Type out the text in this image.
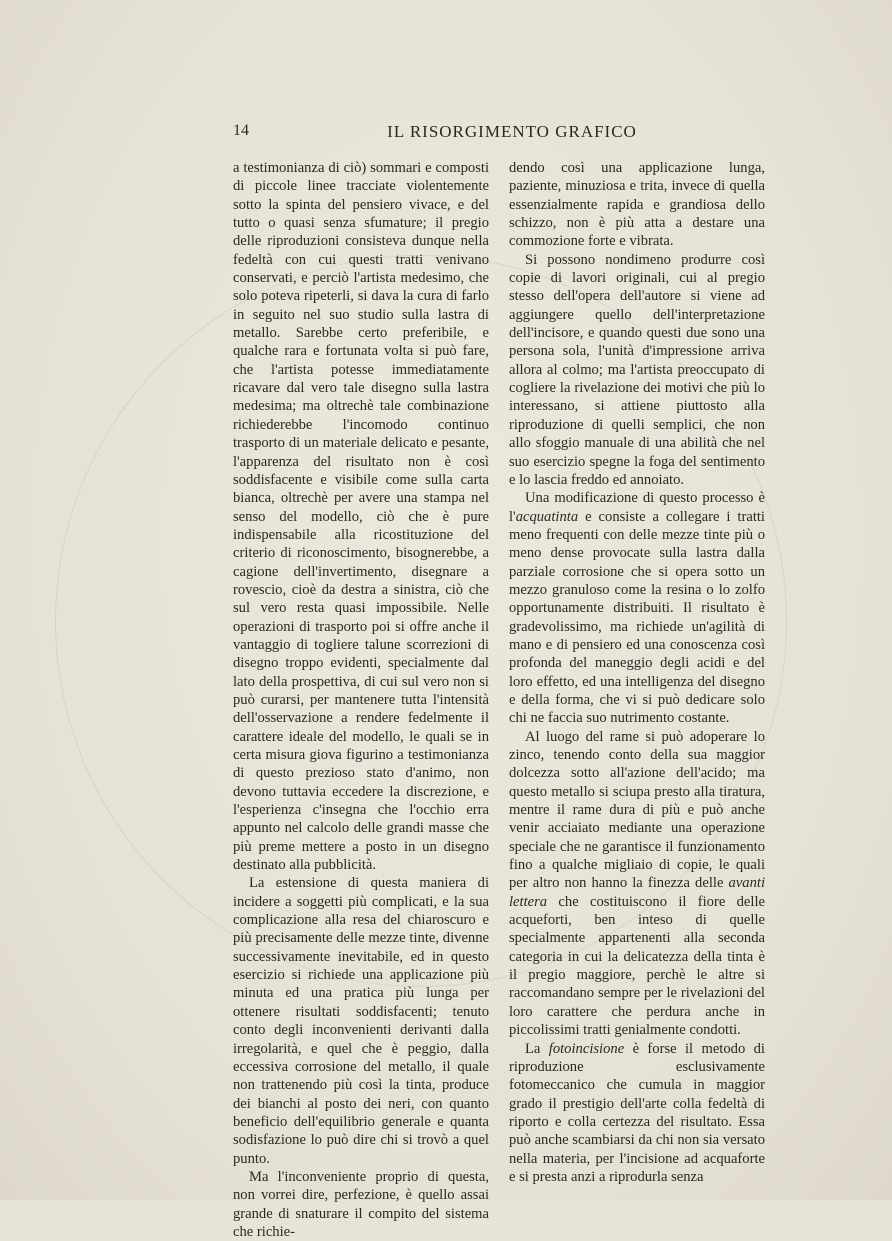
14	IL RISORGIMENTO GRAFICO

a testimonianza di ciò) sommari e composti di piccole linee tracciate violentemente sotto la spinta del pensiero vivace, e del tutto o quasi senza sfumature; il pregio delle riproduzioni consisteva dunque nella fedeltà con cui questi tratti venivano conservati, e perciò l'artista medesimo, che solo poteva ripeterli, si dava la cura di farlo in seguito nel suo studio sulla lastra di metallo. Sarebbe certo preferibile, e qualche rara e fortunata volta si può fare, che l'artista potesse immediatamente ricavare dal vero tale disegno sulla lastra medesima; ma oltrechè tale combinazione richiederebbe l'incomodo continuo trasporto di un materiale delicato e pesante, l'apparenza del risultato non è così soddisfacente e visibile come sulla carta bianca, oltrechè per avere una stampa nel senso del modello, ciò che è pure indispensabile alla ricostituzione del criterio di riconoscimento, bisognerebbe, a cagione dell'invertimento, disegnare a rovescio, cioè da destra a sinistra, ciò che sul vero resta quasi impossibile. Nelle operazioni di trasporto poi si offre anche il vantaggio di togliere talune scorrezioni di disegno troppo evidenti, specialmente dal lato della prospettiva, di cui sul vero non si può curarsi, per mantenere tutta l'intensità dell'osservazione a rendere fedelmente il carattere ideale del modello, le quali se in certa misura giova figurino a testimonianza di questo prezioso stato d'animo, non devono tuttavia eccedere la discrezione, e l'esperienza c'insegna che l'occhio erra appunto nel calcolo delle grandi masse che più preme mettere a posto in un disegno destinato alla pubblicità.

La estensione di questa maniera di incidere a soggetti più complicati, e la sua complicazione alla resa del chiaroscuro e più precisamente delle mezze tinte, divenne successivamente inevitabile, ed in questo esercizio si richiede una applicazione più minuta ed una pratica più lunga per ottenere risultati soddisfacenti; tenuto conto degli inconvenienti derivanti dalla irregolarità, e quel che è peggio, dalla eccessiva corrosione del metallo, il quale non trattenendo più così la tinta, produce dei bianchi al posto dei neri, con quanto beneficio dell'equilibrio generale e quanta sodisfazione lo può dire chi si trovò a quel punto.

Ma l'inconveniente proprio di questa, non vorrei dire, perfezione, è quello assai grande di snaturare il compito del sistema che richie-

dendo così una applicazione lunga, paziente, minuziosa e trita, invece di quella essenzialmente rapida e grandiosa dello schizzo, non è più atta a destare una commozione forte e vibrata.

Si possono nondimeno produrre così copie di lavori originali, cui al pregio stesso dell'opera dell'autore si viene ad aggiungere quello dell'interpretazione dell'incisore, e quando questi due sono una persona sola, l'unità d'impressione arriva allora al colmo; ma l'artista preoccupato di cogliere la rivelazione dei motivi che più lo interessano, si attiene piuttosto alla riproduzione di quelli semplici, che non allo sfoggio manuale di una abilità che nel suo esercizio spegne la foga del sentimento e lo lascia freddo ed annoiato.

Una modificazione di questo processo è l'acquatinta e consiste a collegare i tratti meno frequenti con delle mezze tinte più o meno dense provocate sulla lastra dalla parziale corrosione che si opera sotto un mezzo granuloso come la resina o lo zolfo opportunamente distribuiti. Il risultato è gradevolissimo, ma richiede un'agilità di mano e di pensiero ed una conoscenza così profonda del maneggio degli acidi e del loro effetto, ed una intelligenza del disegno e della forma, che vi si può dedicare solo chi ne faccia suo nutrimento costante.

Al luogo del rame si può adoperare lo zinco, tenendo conto della sua maggior dolcezza sotto all'azione dell'acido; ma questo metallo si sciupa presto alla tiratura, mentre il rame dura di più e può anche venir acciaiato mediante una operazione speciale che ne garantisce il funzionamento fino a qualche migliaio di copie, le quali per altro non hanno la finezza delle avanti lettera che costituiscono il fiore delle acqueforti, ben inteso di quelle specialmente appartenenti alla seconda categoria in cui la delicatezza della tinta è il pregio maggiore, perchè le altre si raccomandano sempre per le rivelazioni del loro carattere che perdura anche in piccolissimi tratti genialmente condotti.

La fotoincisione è forse il metodo di riproduzione esclusivamente fotomeccanico che cumula in maggior grado il prestigio dell'arte colla fedeltà di riporto e colla certezza del risultato. Essa può anche scambiarsi da chi non sia versato nella materia, per l'incisione ad acquaforte e si presta anzi a riprodurla senza
